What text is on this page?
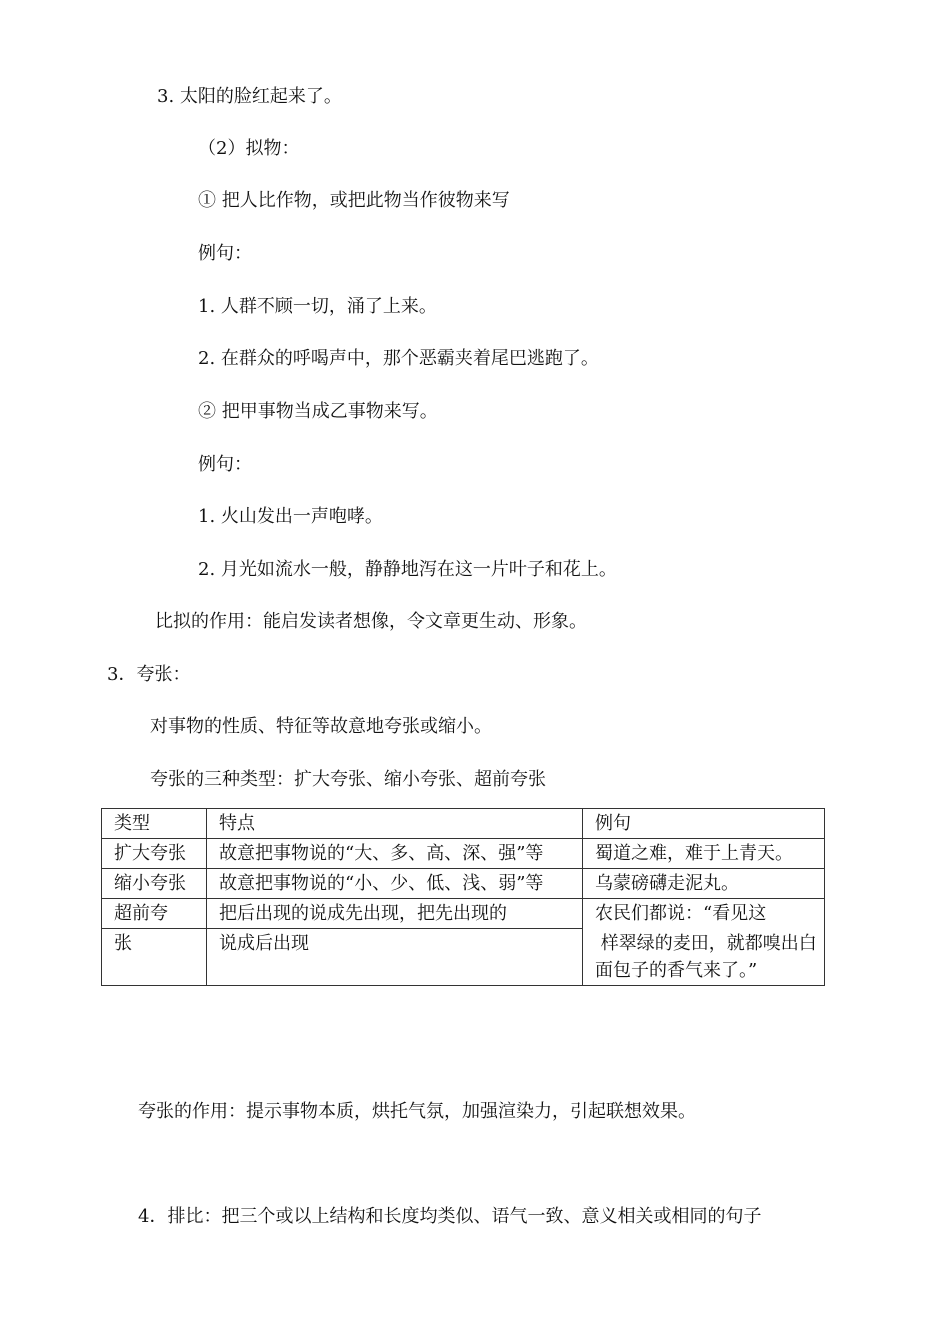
3. 太阳的脸红起来了。

（2）拟物：

① 把人比作物，或把此物当作彼物来写

例句：

1. 人群不顾一切，涌了上来。

2. 在群众的呼喝声中，那个恶霸夹着尾巴逃跑了。

② 把甲事物当成乙事物来写。

例句：

1. 火山发出一声咆哮。

2. 月光如流水一般，静静地泻在这一片叶子和花上。

比拟的作用：能启发读者想像，令文章更生动、形象。

3．夸张：

对事物的性质、特征等故意地夸张或缩小。

夸张的三种类型：扩大夸张、缩小夸张、超前夸张

类型	特点	例句
扩大夸张	故意把事物说的“大、多、高、深、强”等	蜀道之难，难于上青天。
缩小夸张	故意把事物说的“小、少、低、浅、弱”等	乌蒙磅礴走泥丸。
超前夸	把后出现的说成先出现，把先出现的	农民们都说：“看见这
张	说成后出现	样翠绿的麦田，就都嗅出白面包子的香气来了。”

夸张的作用：提示事物本质，烘托气氛，加强渲染力，引起联想效果。

4．排比：把三个或以上结构和长度均类似、语气一致、意义相关或相同的句子
